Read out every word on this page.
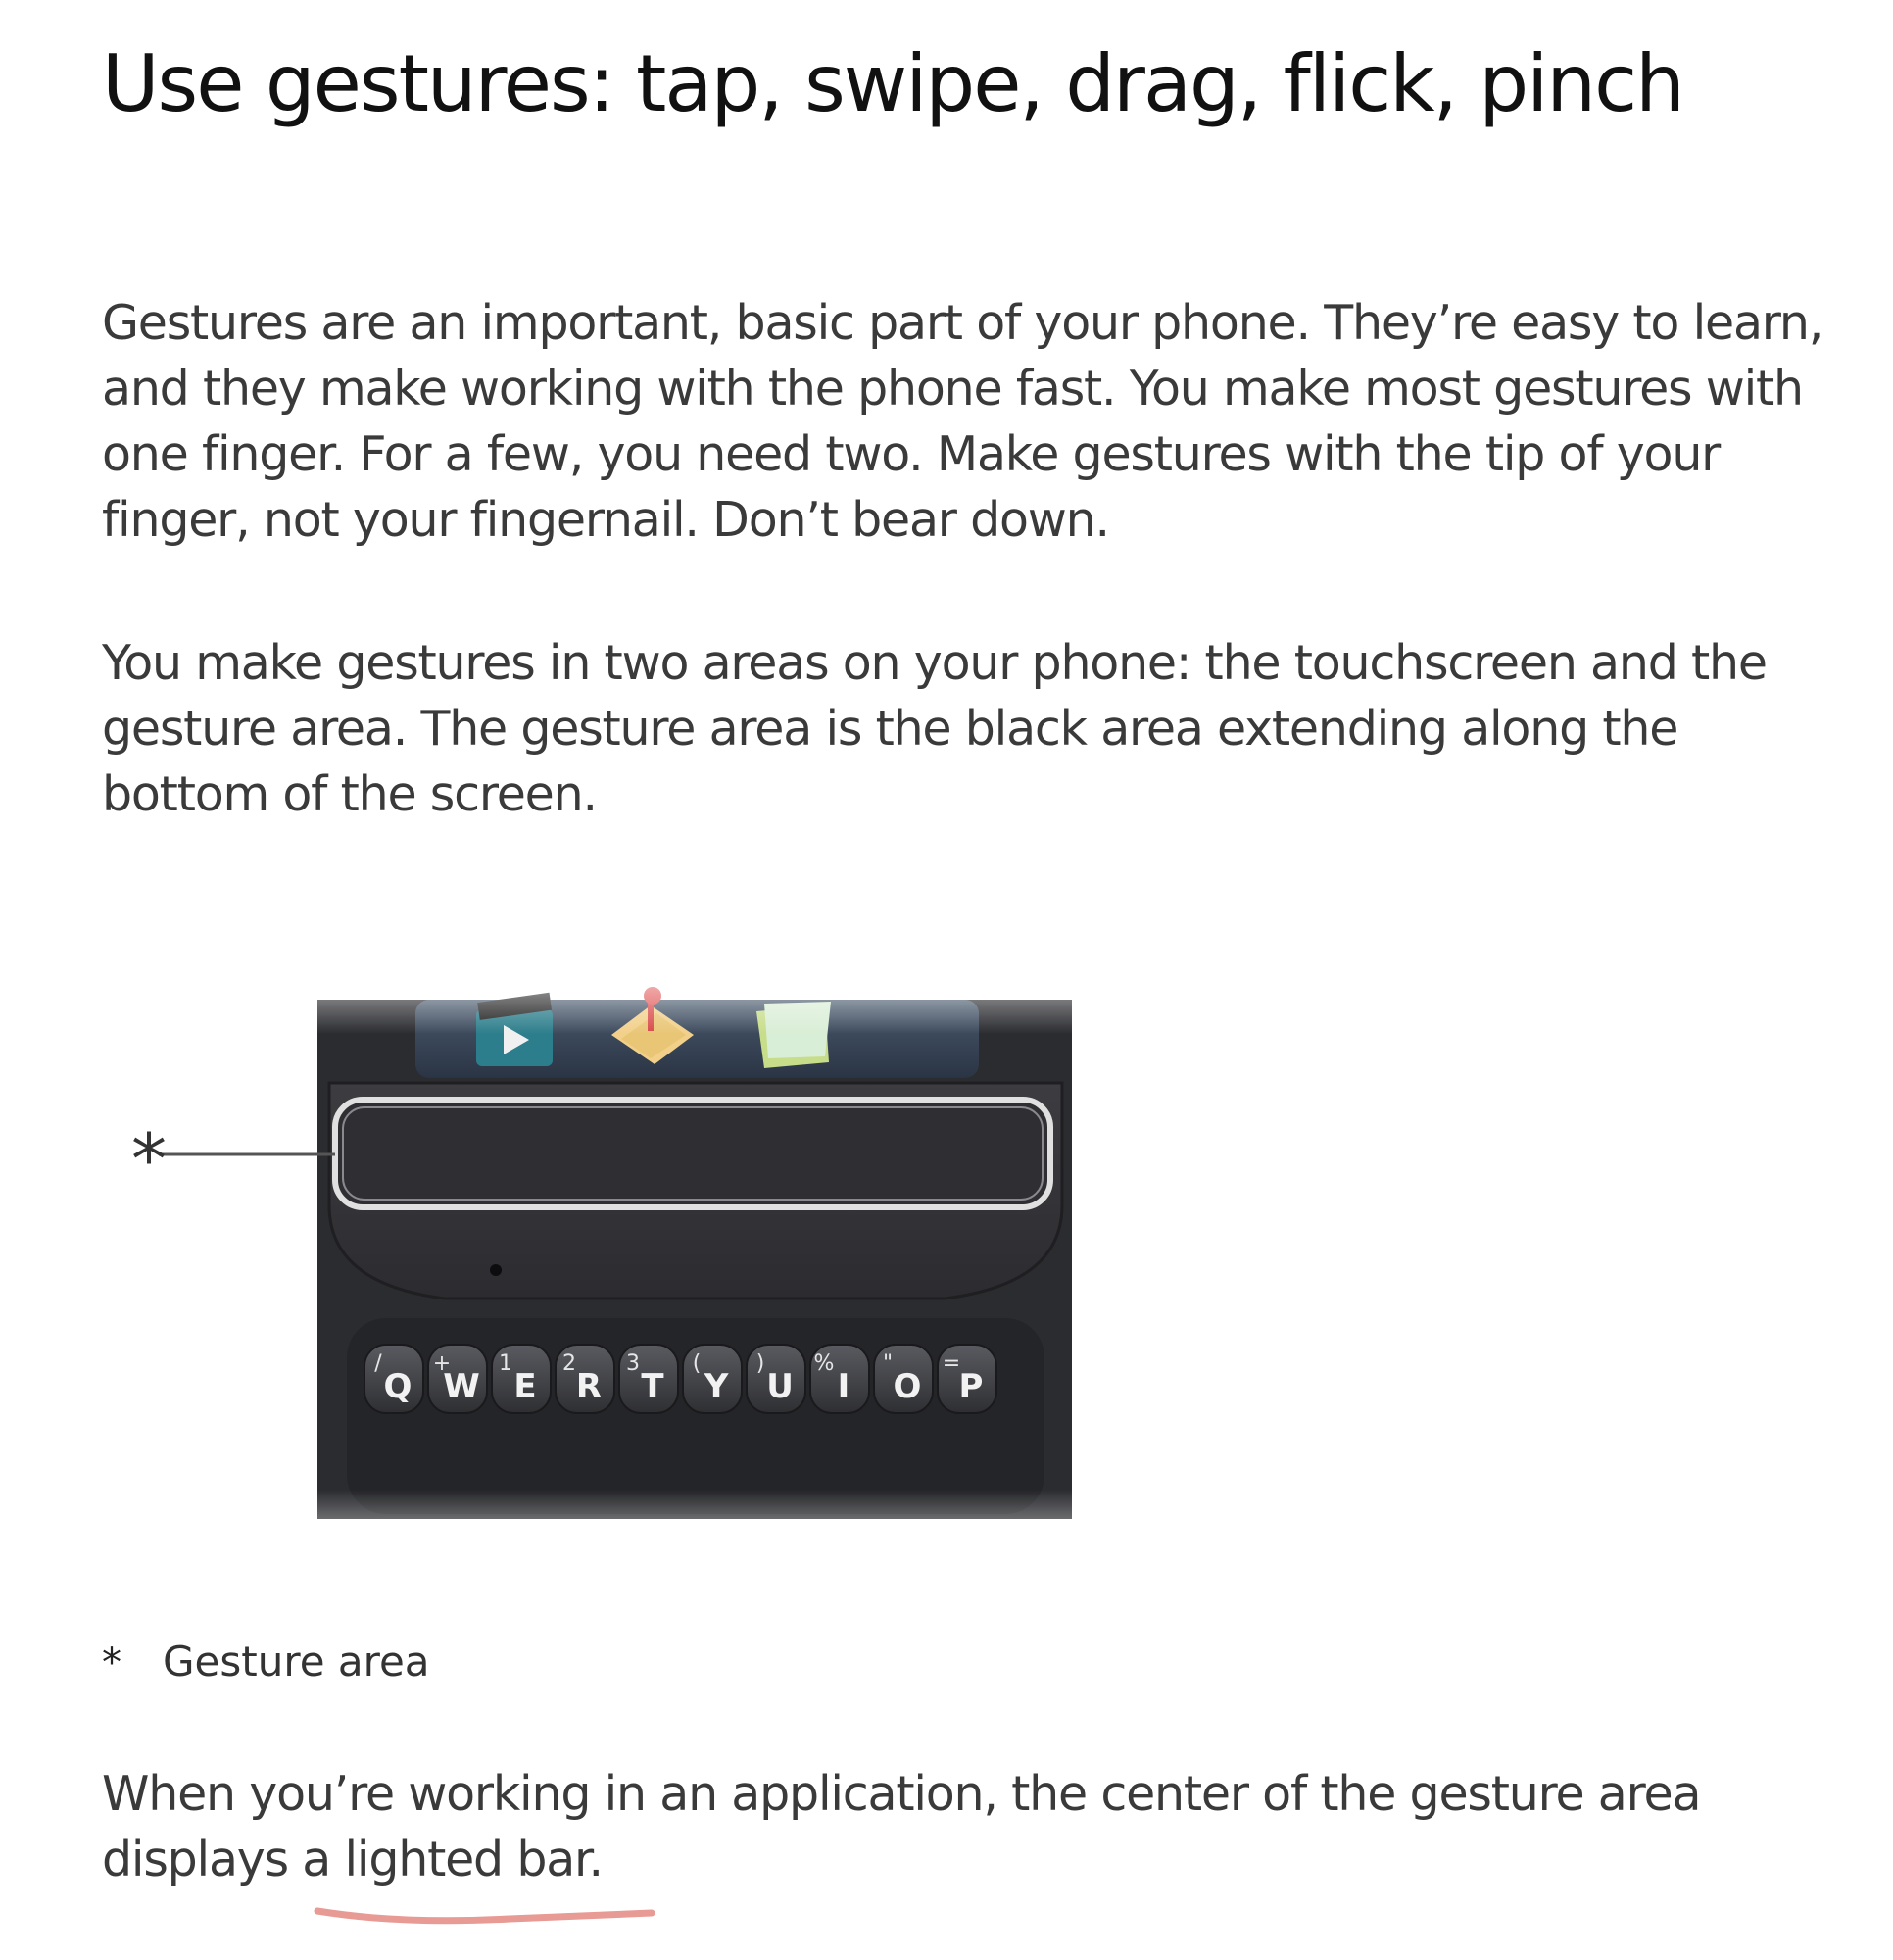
Use gestures: tap, swipe, drag, flick, pinch

Gestures are an important, basic part of your phone. They’re easy to learn, and they make working with the phone fast. You make most gestures with one finger. For a few, you need two. Make gestures with the tip of your finger, not your fingernail. Don’t bear down.

You make gestures in two areas on your phone: the touchscreen and the gesture area. The gesture area is the black area extending along the bottom of the screen.

Q
/
W
+
E
1
R
2
T
3
Y
(
U
)
I
%
O
"
P
=
*
* Gesture area

When you’re working in an application, the center of the gesture area displays a lighted bar.
